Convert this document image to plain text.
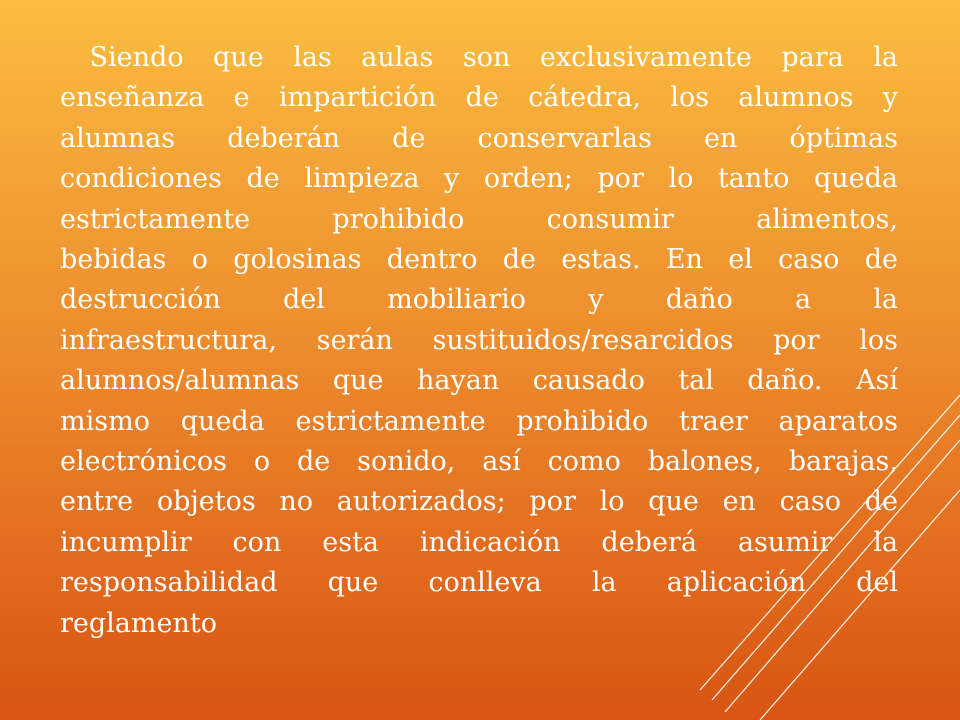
Siendo que las aulas son exclusivamente para la
enseñanza e impartición de cátedra, los alumnos y
alumnas deberán de conservarlas en óptimas
condiciones de limpieza y orden; por lo tanto queda
estrictamente prohibido consumir alimentos,
bebidas o golosinas dentro de estas. En el caso de
destrucción del mobiliario y daño a la
infraestructura, serán sustituidos/resarcidos por los
alumnos/alumnas que hayan causado tal daño. Así
mismo queda estrictamente prohibido traer aparatos
electrónicos o de sonido, así como balones, barajas,
entre objetos no autorizados; por lo que en caso de
incumplir con esta indicación deberá asumir la
responsabilidad que conlleva la aplicación del
reglamento
